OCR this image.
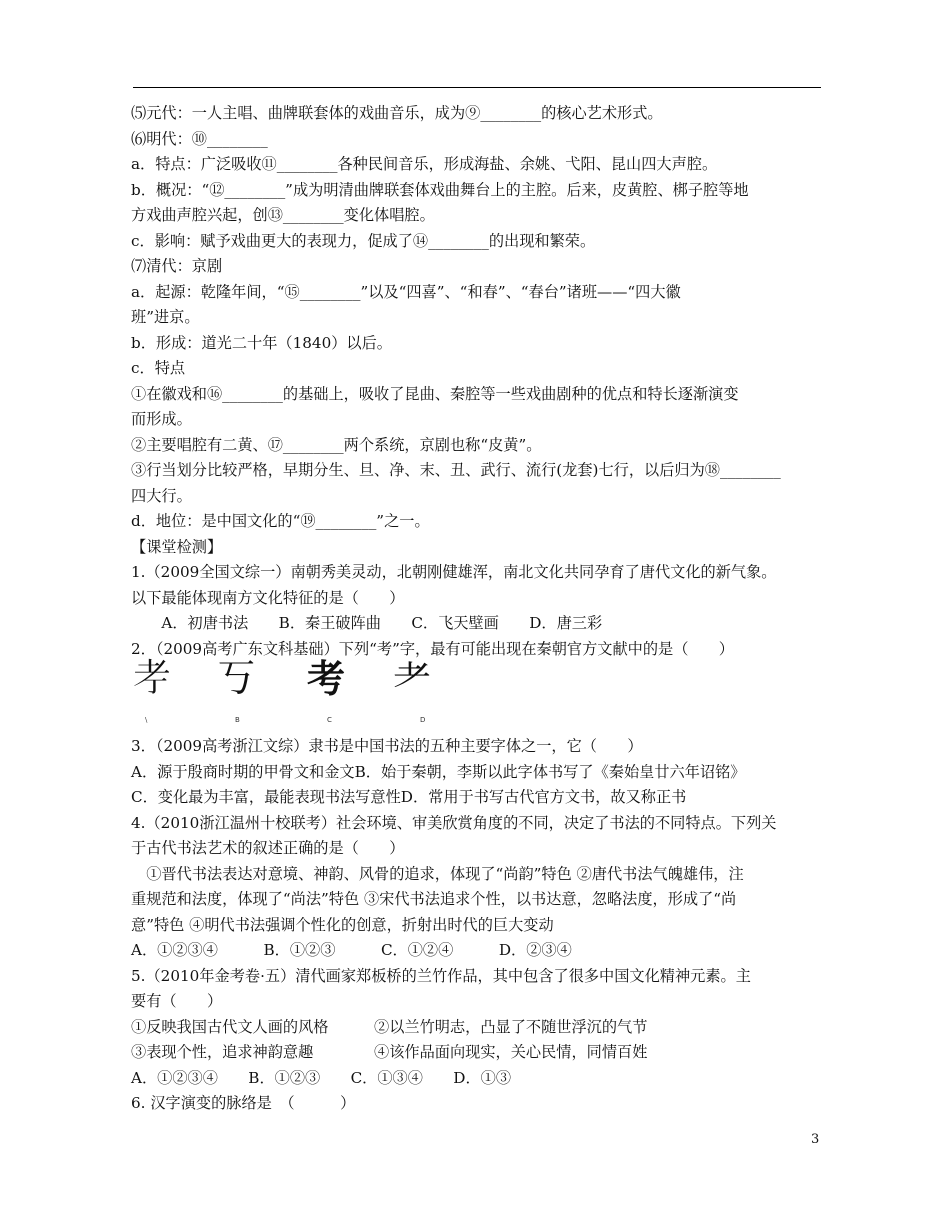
⑸元代：一人主唱、曲牌联套体的戏曲音乐，成为⑨________的核心艺术形式。
⑹明代：⑩________
a．特点：广泛吸收⑪________各种民间音乐，形成海盐、余姚、弋阳、昆山四大声腔。
b．概况：“⑫________”成为明清曲牌联套体戏曲舞台上的主腔。后来，皮黄腔、梆子腔等地
方戏曲声腔兴起，创⑬________变化体唱腔。
c．影响：赋予戏曲更大的表现力，促成了⑭________的出现和繁荣。
⑺清代：京剧
a．起源：乾隆年间，“⑮________”以及“四喜”、“和春”、“春台”诸班——“四大徽
班”进京。
b．形成：道光二十年（1840）以后。
c．特点
①在徽戏和⑯________的基础上，吸收了昆曲、秦腔等一些戏曲剧种的优点和特长逐渐演变
而形成。
②主要唱腔有二黄、⑰________两个系统，京剧也称“皮黄”。
③行当划分比较严格，早期分生、旦、净、末、丑、武行、流行(龙套)七行，以后归为⑱________
四大行。
d．地位：是中国文化的“⑲________”之一。
【课堂检测】
1.（2009全国文综一）南朝秀美灵动，北朝刚健雄浑，南北文化共同孕育了唐代文化的新气象。
以下最能体现南方文化特征的是（　　）
　　A．初唐书法　　B．秦王破阵曲　　C．飞天壁画　　D．唐三彩
2．（2009高考广东文科基础）下列“考”字，最有可能出现在秦朝官方文献中的是（　　）
𦒱 丂 考 耂
\	B	C	D
3．（2009高考浙江文综）隶书是中国书法的五种主要字体之一，它（　　）
A．源于殷商时期的甲骨文和金文B．始于秦朝，李斯以此字体书写了《秦始皇廿六年诏铭》
C．变化最为丰富，最能表现书法写意性D．常用于书写古代官方文书，故又称正书
4.（2010浙江温州十校联考）社会环境、审美欣赏角度的不同，决定了书法的不同特点。下列关
于古代书法艺术的叙述正确的是（　　）
　①晋代书法表达对意境、神韵、风骨的追求，体现了“尚韵”特色 ②唐代书法气魄雄伟，注
重规范和法度，体现了“尚法”特色 ③宋代书法追求个性，以书达意，忽略法度，形成了“尚
意”特色 ④明代书法强调个性化的创意，折射出时代的巨大变动
A．①②③④　　　B．①②③　　　C．①②④　　　D．②③④
5.（2010年金考卷·五）清代画家郑板桥的兰竹作品，其中包含了很多中国文化精神元素。主
要有（　　）
①反映我国古代文人画的风格　　　②以兰竹明志，凸显了不随世浮沉的气节
③表现个性，追求神韵意趣　　　　④该作品面向现实，关心民情，同情百姓
A．①②③④　　B．①②③　　C．①③④　　D．①③
6. 汉字演变的脉络是　（　　　）
3
